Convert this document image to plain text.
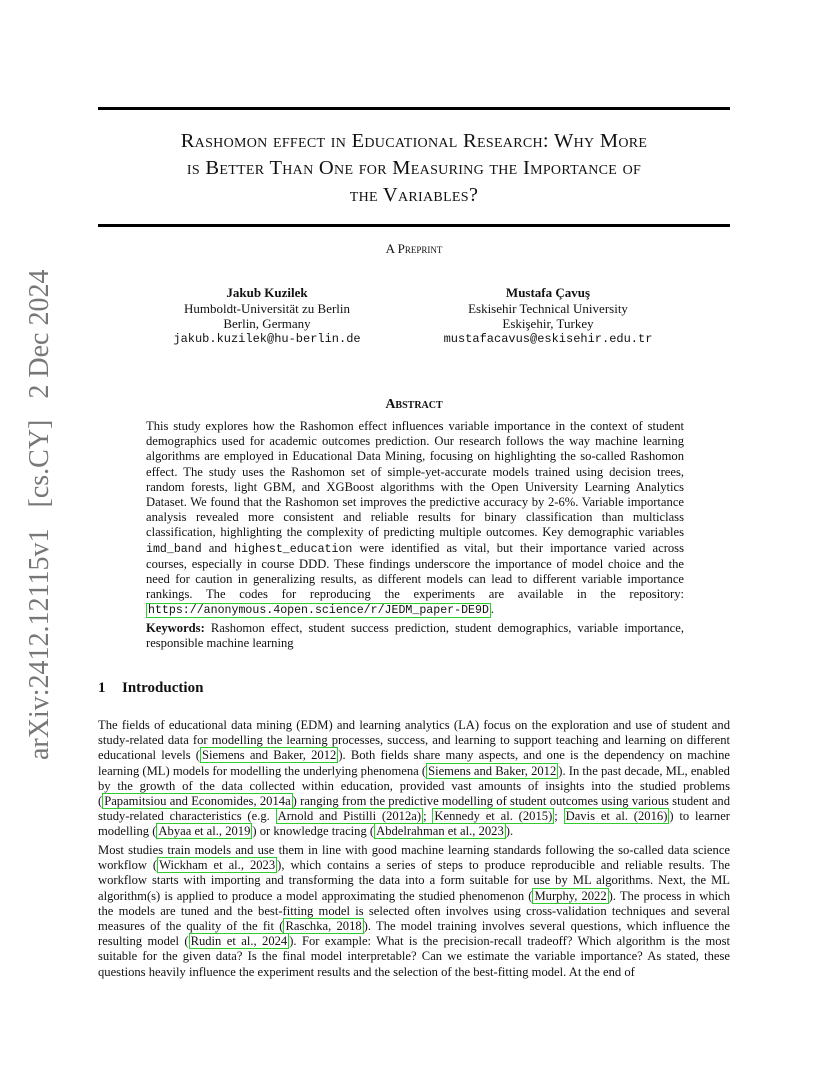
arXiv:2412.12115v1 [cs.CY] 2 Dec 2024
Rashomon effect in Educational Research: Why More
is Better Than One for Measuring the Importance of
the Variables?
A Preprint
Jakub Kuzilek
Humboldt-Universität zu Berlin
Berlin, Germany
jakub.kuzilek@hu-berlin.de
Mustafa Çavuş
Eskisehir Technical University
Eskişehir, Turkey
mustafacavus@eskisehir.edu.tr
Abstract
This study explores how the Rashomon effect influences variable importance in the context of student demographics used for academic outcomes prediction. Our research follows the way machine learning algorithms are employed in Educational Data Mining, focusing on highlighting the so-called Rashomon effect. The study uses the Rashomon set of simple-yet-accurate models trained using decision trees, random forests, light GBM, and XGBoost algorithms with the Open University Learning Analytics Dataset. We found that the Rashomon set improves the predictive accuracy by 2-6%. Variable importance analysis revealed more consistent and reliable results for binary classification than multiclass classification, highlighting the complexity of predicting multiple outcomes. Key demographic variables imd_band and highest_education were identified as vital, but their importance varied across courses, especially in course DDD. These findings underscore the importance of model choice and the need for caution in generalizing results, as different models can lead to different variable importance rankings. The codes for reproducing the experiments are available in the repository: https://anonymous.4open.science/r/JEDM_paper-DE9D .
Keywords: Rashomon effect, student success prediction, student demographics, variable importance, responsible machine learning
1 Introduction
The fields of educational data mining (EDM) and learning analytics (LA) focus on the exploration and use of student and study-related data for modelling the learning processes, success, and learning to support teaching and learning on different educational levels ( Siemens and Baker, 2012 ). Both fields share many aspects, and one is the dependency on machine learning (ML) models for modelling the underlying phenomena ( Siemens and Baker, 2012 ). In the past decade, ML, enabled by the growth of the data collected within education, provided vast amounts of insights into the studied problems ( Papamitsiou and Economides, 2014a ) ranging from the predictive modelling of student outcomes using various student and study-related characteristics (e.g. Arnold and Pistilli (2012a) ; Kennedy et al. (2015) ; Davis et al. (2016) ) to learner modelling ( Abyaa et al., 2019 ) or knowledge tracing ( Abdelrahman et al., 2023 ).
Most studies train models and use them in line with good machine learning standards following the so-called data science workflow ( Wickham et al., 2023 ), which contains a series of steps to produce reproducible and reliable results. The workflow starts with importing and transforming the data into a form suitable for use by ML algorithms. Next, the ML algorithm(s) is applied to produce a model approximating the studied phenomenon ( Murphy, 2022 ). The process in which the models are tuned and the best-fitting model is selected often involves using cross-validation techniques and several measures of the quality of the fit ( Raschka, 2018 ). The model training involves several questions, which influence the resulting model ( Rudin et al., 2024 ). For example: What is the precision-recall tradeoff? Which algorithm is the most suitable for the given data? Is the final model interpretable? Can we estimate the variable importance? As stated, these questions heavily influence the experiment results and the selection of the best-fitting model. At the end of
